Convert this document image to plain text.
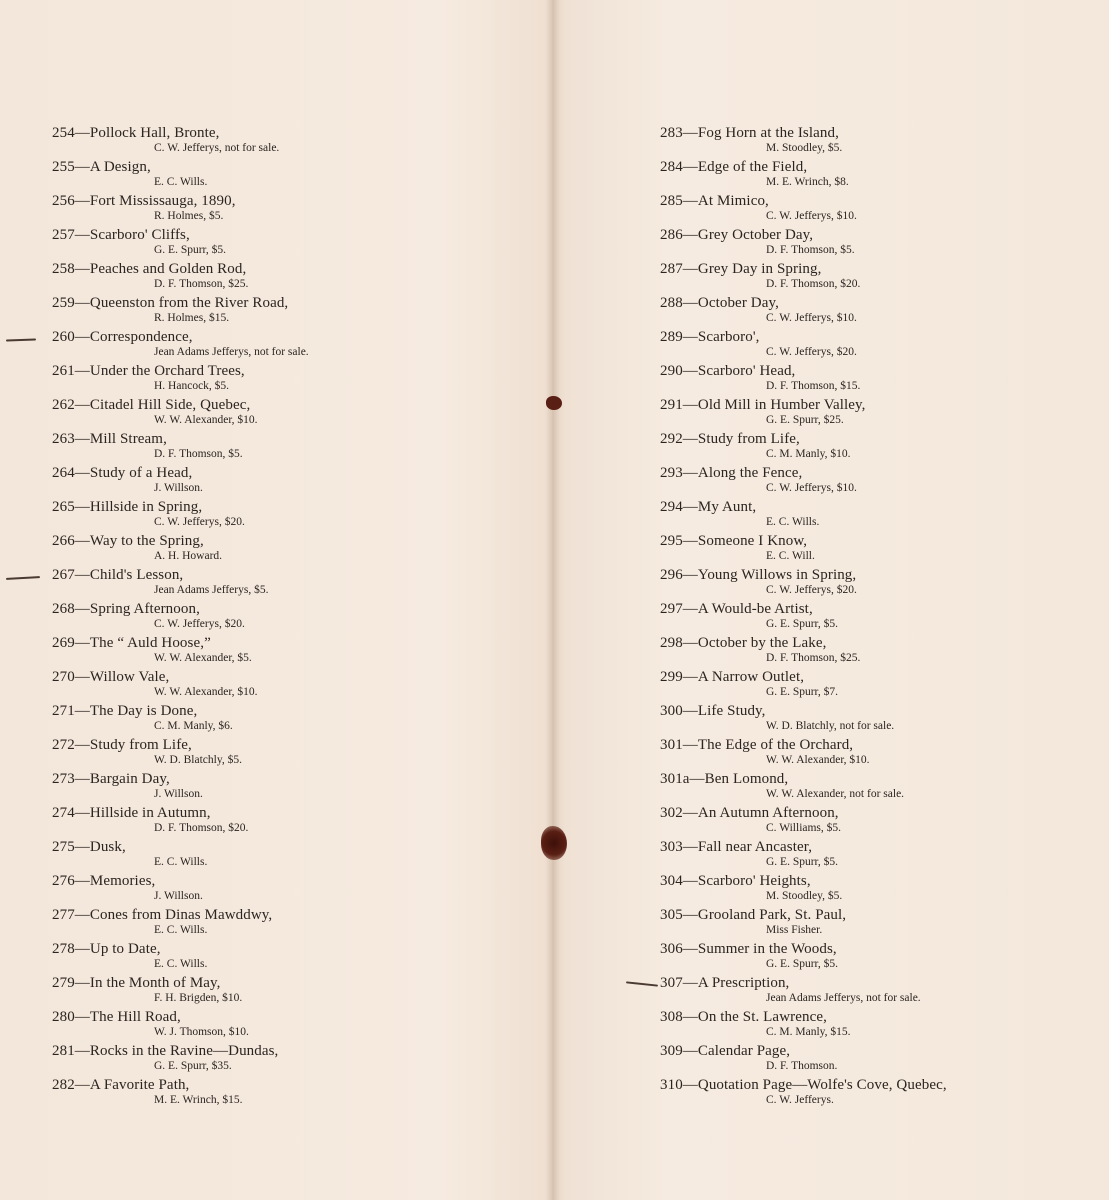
254—Pollock Hall, Bronte,
C. W. Jefferys, not for sale.
255—A Design,
E. C. Wills.
256—Fort Mississauga, 1890,
R. Holmes, $5.
257—Scarboro' Cliffs,
G. E. Spurr, $5.
258—Peaches and Golden Rod,
D. F. Thomson, $25.
259—Queenston from the River Road,
R. Holmes, $15.
260—Correspondence,
Jean Adams Jefferys, not for sale.
261—Under the Orchard Trees,
H. Hancock, $5.
262—Citadel Hill Side, Quebec,
W. W. Alexander, $10.
263—Mill Stream,
D. F. Thomson, $5.
264—Study of a Head,
J. Willson.
265—Hillside in Spring,
C. W. Jefferys, $20.
266—Way to the Spring,
A. H. Howard.
267—Child's Lesson,
Jean Adams Jefferys, $5.
268—Spring Afternoon,
C. W. Jefferys, $20.
269—The “ Auld Hoose,”
W. W. Alexander, $5.
270—Willow Vale,
W. W. Alexander, $10.
271—The Day is Done,
C. M. Manly, $6.
272—Study from Life,
W. D. Blatchly, $5.
273—Bargain Day,
J. Willson.
274—Hillside in Autumn,
D. F. Thomson, $20.
275—Dusk,
E. C. Wills.
276—Memories,
J. Willson.
277—Cones from Dinas Mawddwy,
E. C. Wills.
278—Up to Date,
E. C. Wills.
279—In the Month of May,
F. H. Brigden, $10.
280—The Hill Road,
W. J. Thomson, $10.
281—Rocks in the Ravine—Dundas,
G. E. Spurr, $35.
282—A Favorite Path,
M. E. Wrinch, $15.
283—Fog Horn at the Island,
M. Stoodley, $5.
284—Edge of the Field,
M. E. Wrinch, $8.
285—At Mimico,
C. W. Jefferys, $10.
286—Grey October Day,
D. F. Thomson, $5.
287—Grey Day in Spring,
D. F. Thomson, $20.
288—October Day,
C. W. Jefferys, $10.
289—Scarboro',
C. W. Jefferys, $20.
290—Scarboro' Head,
D. F. Thomson, $15.
291—Old Mill in Humber Valley,
G. E. Spurr, $25.
292—Study from Life,
C. M. Manly, $10.
293—Along the Fence,
C. W. Jefferys, $10.
294—My Aunt,
E. C. Wills.
295—Someone I Know,
E. C. Will.
296—Young Willows in Spring,
C. W. Jefferys, $20.
297—A Would-be Artist,
G. E. Spurr, $5.
298—October by the Lake,
D. F. Thomson, $25.
299—A Narrow Outlet,
G. E. Spurr, $7.
300—Life Study,
W. D. Blatchly, not for sale.
301—The Edge of the Orchard,
W. W. Alexander, $10.
301a—Ben Lomond,
W. W. Alexander, not for sale.
302—An Autumn Afternoon,
C. Williams, $5.
303—Fall near Ancaster,
G. E. Spurr, $5.
304—Scarboro' Heights,
M. Stoodley, $5.
305—Grooland Park, St. Paul,
Miss Fisher.
306—Summer in the Woods,
G. E. Spurr, $5.
307—A Prescription,
Jean Adams Jefferys, not for sale.
308—On the St. Lawrence,
C. M. Manly, $15.
309—Calendar Page,
D. F. Thomson.
310—Quotation Page—Wolfe's Cove, Quebec,
C. W. Jefferys.
